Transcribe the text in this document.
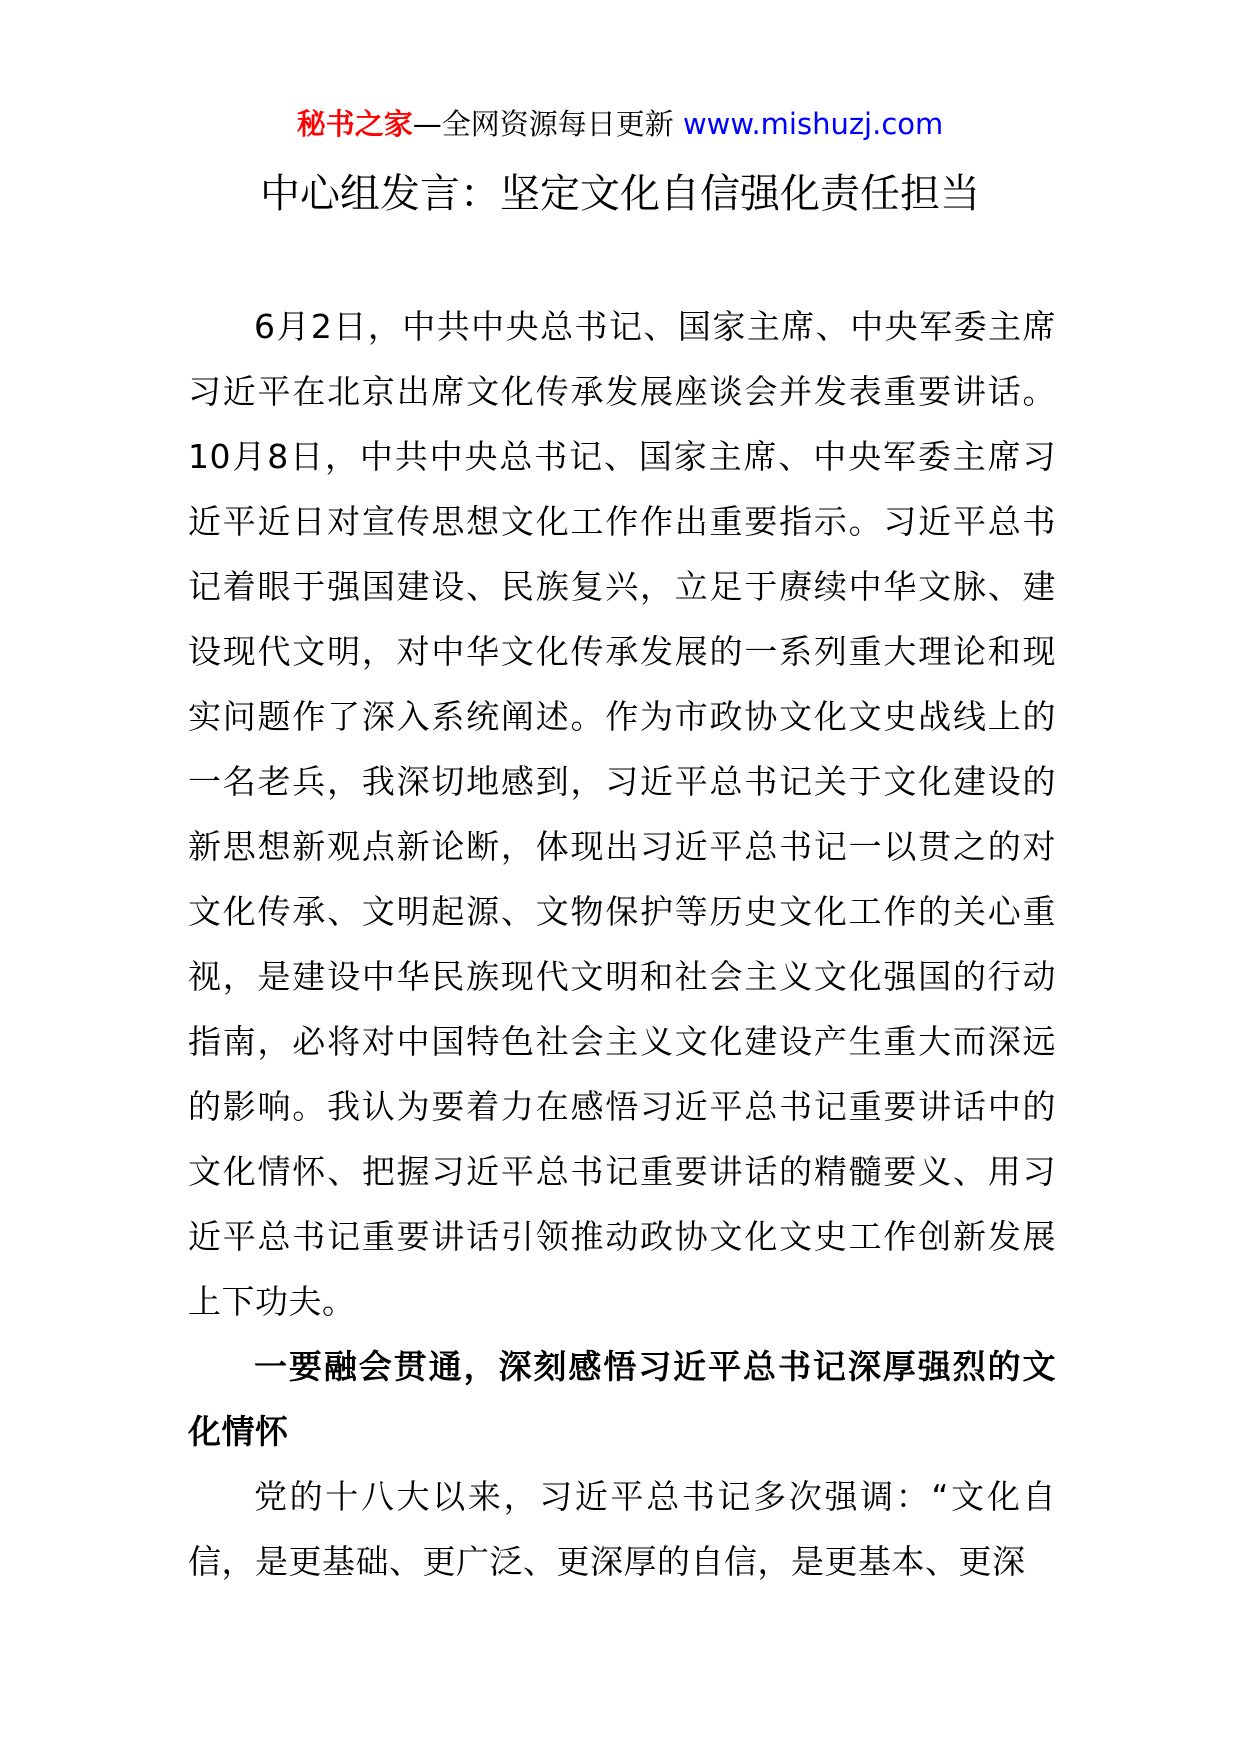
秘书之家—全网资源每日更新 www.mishuzj.com
中心组发言：坚定文化自信强化责任担当

6月2日，中共中央总书记、国家主席、中央军委主席习近平在北京出席文化传承发展座谈会并发表重要讲话。10月8日，中共中央总书记、国家主席、中央军委主席习近平近日对宣传思想文化工作作出重要指示。习近平总书记着眼于强国建设、民族复兴，立足于赓续中华文脉、建设现代文明，对中华文化传承发展的一系列重大理论和现实问题作了深入系统阐述。作为市政协文化文史战线上的一名老兵，我深切地感到，习近平总书记关于文化建设的新思想新观点新论断，体现出习近平总书记一以贯之的对文化传承、文明起源、文物保护等历史文化工作的关心重视，是建设中华民族现代文明和社会主义文化强国的行动指南，必将对中国特色社会主义文化建设产生重大而深远的影响。我认为要着力在感悟习近平总书记重要讲话中的文化情怀、把握习近平总书记重要讲话的精髓要义、用习近平总书记重要讲话引领推动政协文化文史工作创新发展上下功夫。

一要融会贯通，深刻感悟习近平总书记深厚强烈的文化情怀

党的十八大以来，习近平总书记多次强调：“文化自信，是更基础、更广泛、更深厚的自信，是更基本、更深
